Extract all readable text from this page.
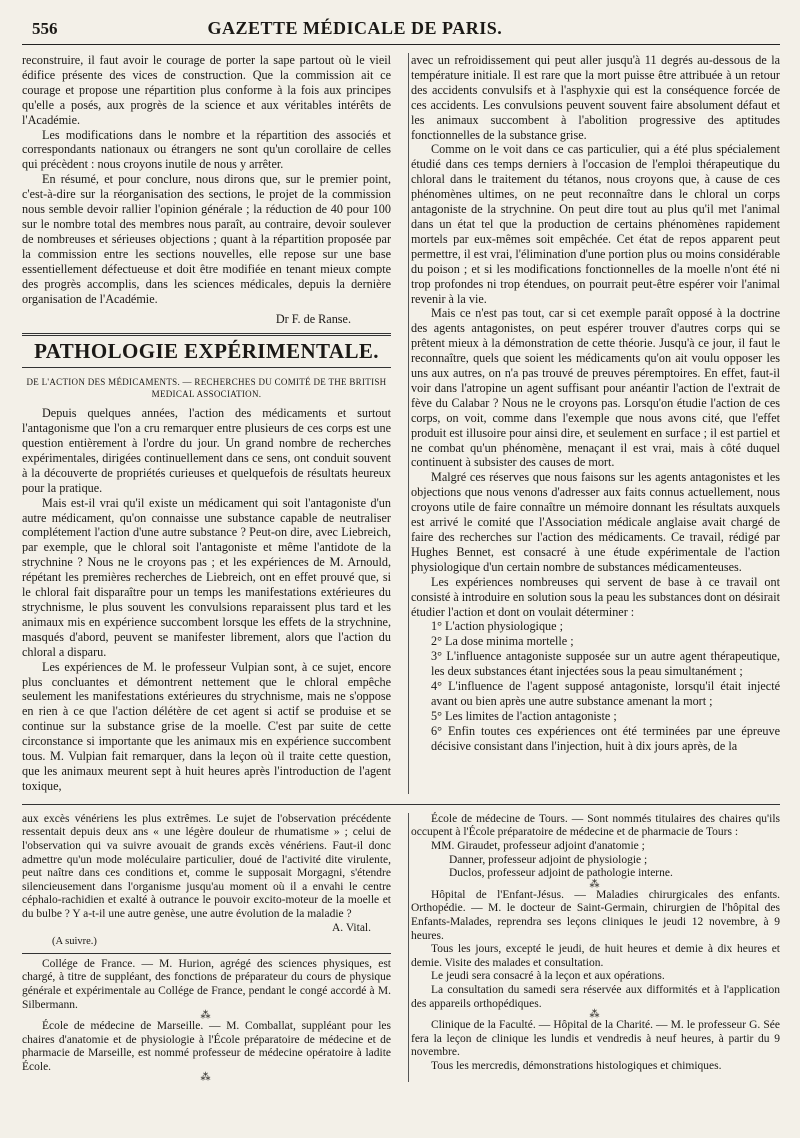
556	GAZETTE MÉDICALE DE PARIS.

reconstruire, il faut avoir le courage de porter la sape partout où le vieil édifice présente des vices de construction. Que la commission ait ce courage et propose une répartition plus conforme à la fois aux principes qu'elle a posés, aux progrès de la science et aux véritables intérêts de l'Académie.

Les modifications dans le nombre et la répartition des associés et correspondants nationaux ou étrangers ne sont qu'un corollaire de celles qui précèdent : nous croyons inutile de nous y arrêter.

En résumé, et pour conclure, nous dirons que, sur le premier point, c'est-à-dire sur la réorganisation des sections, le projet de la commission nous semble devoir rallier l'opinion générale ; la réduction de 40 pour 100 sur le nombre total des membres nous paraît, au contraire, devoir soulever de nombreuses et sérieuses objections ; quant à la répartition proposée par la commission entre les sections nouvelles, elle repose sur une base essentiellement défectueuse et doit être modifiée en tenant mieux compte des progrès accomplis, dans les sciences médicales, depuis la dernière organisation de l'Académie.

Dr F. de Ranse.
PATHOLOGIE EXPÉRIMENTALE.
DE L'ACTION DES MÉDICAMENTS. — RECHERCHES DU COMITÉ DE THE BRITISH MEDICAL ASSOCIATION.

Depuis quelques années, l'action des médicaments et surtout l'antagonisme que l'on a cru remarquer entre plusieurs de ces corps est une question entièrement à l'ordre du jour. Un grand nombre de recherches expérimentales, dirigées continuellement dans ce sens, ont conduit souvent à la découverte de propriétés curieuses et quelquefois de résultats heureux pour la pratique.

Mais est-il vrai qu'il existe un médicament qui soit l'antagoniste d'un autre médicament, qu'on connaisse une substance capable de neutraliser complétement l'action d'une autre substance ? Peut-on dire, avec Liebreich, par exemple, que le chloral soit l'antagoniste et même l'antidote de la strychnine ? Nous ne le croyons pas ; et les expériences de M. Arnould, répétant les premières recherches de Liebreich, ont en effet prouvé que, si le chloral fait disparaître pour un temps les manifestations extérieures du strychnisme, le plus souvent les convulsions reparaissent plus tard et les animaux mis en expérience succombent lorsque les effets de la strychnine, masqués d'abord, peuvent se manifester librement, alors que l'action du chloral a disparu.

Les expériences de M. le professeur Vulpian sont, à ce sujet, encore plus concluantes et démontrent nettement que le chloral empêche seulement les manifestations extérieures du strychnisme, mais ne s'oppose en rien à ce que l'action délétère de cet agent si actif se produise et se continue sur la substance grise de la moelle. C'est par suite de cette circonstance si importante que les animaux mis en expérience succombent tous. M. Vulpian fait remarquer, dans la leçon où il traite cette question, que les animaux meurent sept à huit heures après l'introduction de l'agent toxique,

avec un refroidissement qui peut aller jusqu'à 11 degrés au-dessous de la température initiale. Il est rare que la mort puisse être attribuée à un retour des accidents convulsifs et à l'asphyxie qui est la conséquence forcée de ces accidents. Les convulsions peuvent souvent faire absolument défaut et les animaux succombent à l'abolition progressive des aptitudes fonctionnelles de la substance grise.

Comme on le voit dans ce cas particulier, qui a été plus spécialement étudié dans ces temps derniers à l'occasion de l'emploi thérapeutique du chloral dans le traitement du tétanos, nous croyons que, à cause de ces phénomènes ultimes, on ne peut reconnaître dans le chloral un corps antagoniste de la strychnine. On peut dire tout au plus qu'il met l'animal dans un état tel que la production de certains phénomènes rapidement mortels par eux-mêmes soit empêchée. Cet état de repos apparent peut permettre, il est vrai, l'élimination d'une portion plus ou moins considérable du poison ; et si les modifications fonctionnelles de la moelle n'ont été ni trop profondes ni trop étendues, on pourrait peut-être espérer voir l'animal revenir à la vie.

Mais ce n'est pas tout, car si cet exemple paraît opposé à la doctrine des agents antagonistes, on peut espérer trouver d'autres corps qui se prêtent mieux à la démonstration de cette théorie. Jusqu'à ce jour, il faut le reconnaître, quels que soient les médicaments qu'on ait voulu opposer les uns aux autres, on n'a pas trouvé de preuves péremptoires. En effet, faut-il voir dans l'atropine un agent suffisant pour anéantir l'action de l'extrait de fève du Calabar ? Nous ne le croyons pas. Lorsqu'on étudie l'action de ces corps, on voit, comme dans l'exemple que nous avons cité, que l'effet produit est illusoire pour ainsi dire, et seulement en surface ; il est partiel et ne combat qu'un phénomène, menaçant il est vrai, mais à côté duquel continuent à subsister des causes de mort.

Malgré ces réserves que nous faisons sur les agents antagonistes et les objections que nous venons d'adresser aux faits connus actuellement, nous croyons utile de faire connaître un mémoire donnant les résultats auxquels est arrivé le comité que l'Association médicale anglaise avait chargé de faire des recherches sur l'action des médicaments. Ce travail, rédigé par Hughes Bennet, est consacré à une étude expérimentale de l'action physiologique d'un certain nombre de substances médicamenteuses.

Les expériences nombreuses qui servent de base à ce travail ont consisté à introduire en solution sous la peau les substances dont on désirait étudier l'action et dont on voulait déterminer :

1° L'action physiologique ;

2° La dose minima mortelle ;

3° L'influence antagoniste supposée sur un autre agent thérapeutique, les deux substances étant injectées sous la peau simultanément ;

4° L'influence de l'agent supposé antagoniste, lorsqu'il était injecté avant ou bien après une autre substance amenant la mort ;

5° Les limites de l'action antagoniste ;

6° Enfin toutes ces expériences ont été terminées par une épreuve décisive consistant dans l'injection, huit à dix jours après, de la

aux excès vénériens les plus extrêmes. Le sujet de l'observation précédente ressentait depuis deux ans « une légère douleur de rhumatisme » ; celui de l'observation qui va suivre avouait de grands excès vénériens. Faut-il donc admettre qu'un mode moléculaire particulier, doué de l'activité dite virulente, peut naître dans ces conditions et, comme le supposait Morgagni, s'étendre silencieusement dans l'organisme jusqu'au moment où il a envahi le centre céphalo-rachidien et exalté à outrance le pouvoir excito-moteur de la moelle et du bulbe ? Y a-t-il une autre genèse, une autre évolution de la maladie ?

A. Vital.
(A suivre.)

Collége de France. — M. Hurion, agrégé des sciences physiques, est chargé, à titre de suppléant, des fonctions de préparateur du cours de physique générale et expérimentale au Collége de France, pendant le congé accordé à M. Silbermann.

⁂

École de médecine de Marseille. — M. Comballat, suppléant pour les chaires d'anatomie et de physiologie à l'École préparatoire de médecine et de pharmacie de Marseille, est nommé professeur de médecine opératoire à ladite École.

⁂

École de médecine de Tours. — Sont nommés titulaires des chaires qu'ils occupent à l'École préparatoire de médecine et de pharmacie de Tours :

MM. Giraudet, professeur adjoint d'anatomie ;

Danner, professeur adjoint de physiologie ;

Duclos, professeur adjoint de pathologie interne.

⁂

Hôpital de l'Enfant-Jésus. — Maladies chirurgicales des enfants. Orthopédie. — M. le docteur de Saint-Germain, chirurgien de l'hôpital des Enfants-Malades, reprendra ses leçons cliniques le jeudi 12 novembre, à 9 heures.

Tous les jours, excepté le jeudi, de huit heures et demie à dix heures et demie. Visite des malades et consultation.

Le jeudi sera consacré à la leçon et aux opérations.

La consultation du samedi sera réservée aux difformités et à l'application des appareils orthopédiques.

⁂

Clinique de la Faculté. — Hôpital de la Charité. — M. le professeur G. Sée fera la leçon de clinique les lundis et vendredis à neuf heures, à partir du 9 novembre.

Tous les mercredis, démonstrations histologiques et chimiques.
